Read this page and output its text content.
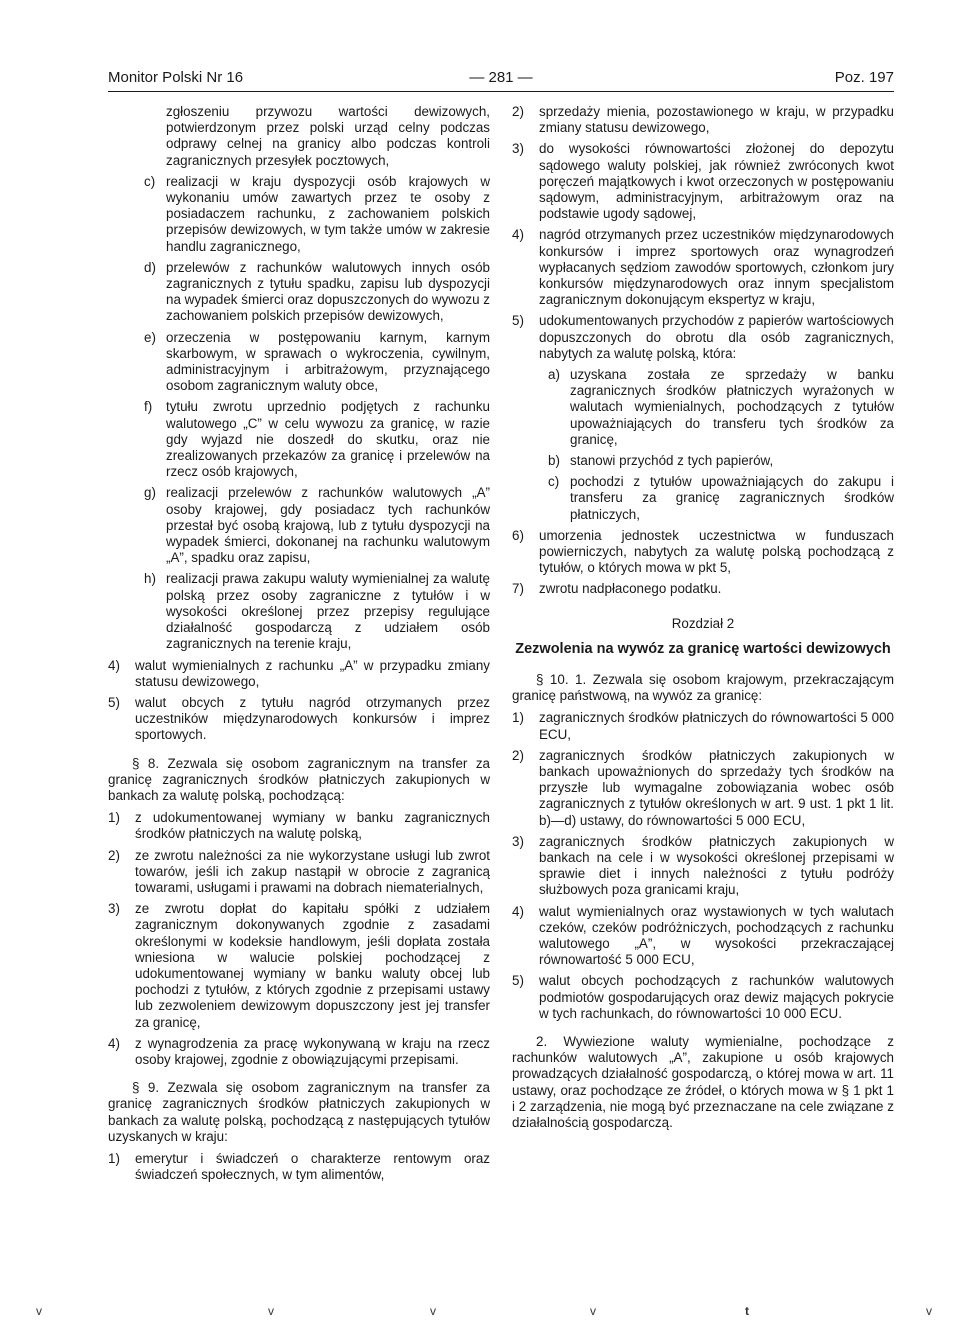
Monitor Polski Nr 16	— 281 —	Poz. 197

zgłoszeniu przywozu wartości dewizowych, potwierdzonym przez polski urząd celny podczas odprawy celnej na granicy albo podczas kontroli zagranicznych przesyłek pocztowych,

c) realizacji w kraju dyspozycji osób krajowych w wykonaniu umów zawartych przez te osoby z posiadaczem rachunku, z zachowaniem polskich przepisów dewizowych, w tym także umów w zakresie handlu zagranicznego,
d) przelewów z rachunków walutowych innych osób zagranicznych z tytułu spadku, zapisu lub dyspozycji na wypadek śmierci oraz dopuszczonych do wywozu z zachowaniem polskich przepisów dewizowych,
e) orzeczenia w postępowaniu karnym, karnym skarbowym, w sprawach o wykroczenia, cywilnym, administracyjnym i arbitrażowym, przyznającego osobom zagranicznym waluty obce,
f) tytułu zwrotu uprzednio podjętych z rachunku walutowego „C” w celu wywozu za granicę, w razie gdy wyjazd nie doszedł do skutku, oraz nie zrealizowanych przekazów za granicę i przelewów na rzecz osób krajowych,
g) realizacji przelewów z rachunków walutowych „A” osoby krajowej, gdy posiadacz tych rachunków przestał być osobą krajową, lub z tytułu dyspozycji na wypadek śmierci, dokonanej na rachunku walutowym „A”, spadku oraz zapisu,
h) realizacji prawa zakupu waluty wymienialnej za walutę polską przez osoby zagraniczne z tytułów i w wysokości określonej przez przepisy regulujące działalność gospodarczą z udziałem osób zagranicznych na terenie kraju,
4) walut wymienialnych z rachunku „A” w przypadku zmiany statusu dewizowego,
5) walut obcych z tytułu nagród otrzymanych przez uczestników międzynarodowych konkursów i imprez sportowych.

§ 8. Zezwala się osobom zagranicznym na transfer za granicę zagranicznych środków płatniczych zakupionych w bankach za walutę polską, pochodzącą:

1) z udokumentowanej wymiany w banku zagranicznych środków płatniczych na walutę polską,
2) ze zwrotu należności za nie wykorzystane usługi lub zwrot towarów, jeśli ich zakup nastąpił w obrocie z zagranicą towarami, usługami i prawami na dobrach niematerialnych,
3) ze zwrotu dopłat do kapitału spółki z udziałem zagranicznym dokonywanych zgodnie z zasadami określonymi w kodeksie handlowym, jeśli dopłata została wniesiona w walucie polskiej pochodzącej z udokumentowanej wymiany w banku waluty obcej lub pochodzi z tytułów, z których zgodnie z przepisami ustawy lub zezwoleniem dewizowym dopuszczony jest jej transfer za granicę,
4) z wynagrodzenia za pracę wykonywaną w kraju na rzecz osoby krajowej, zgodnie z obowiązującymi przepisami.

§ 9. Zezwala się osobom zagranicznym na transfer za granicę zagranicznych środków płatniczych zakupionych w bankach za walutę polską, pochodzącą z następujących tytułów uzyskanych w kraju:

1) emerytur i świadczeń o charakterze rentowym oraz świadczeń społecznych, w tym alimentów,
2) sprzedaży mienia, pozostawionego w kraju, w przypadku zmiany statusu dewizowego,
3) do wysokości równowartości złożonej do depozytu sądowego waluty polskiej, jak również zwróconych kwot poręczeń majątkowych i kwot orzeczonych w postępowaniu sądowym, administracyjnym, arbitrażowym oraz na podstawie ugody sądowej,
4) nagród otrzymanych przez uczestników międzynarodowych konkursów i imprez sportowych oraz wynagrodzeń wypłacanych sędziom zawodów sportowych, członkom jury konkursów międzynarodowych oraz innym specjalistom zagranicznym dokonującym ekspertyz w kraju,
5) udokumentowanych przychodów z papierów wartościowych dopuszczonych do obrotu dla osób zagranicznych, nabytych za walutę polską, która:
a) uzyskana została ze sprzedaży w banku zagranicznych środków płatniczych wyrażonych w walutach wymienialnych, pochodzących z tytułów upoważniających do transferu tych środków za granicę,
b) stanowi przychód z tych papierów,
c) pochodzi z tytułów upoważniających do zakupu i transferu za granicę zagranicznych środków płatniczych,
6) umorzenia jednostek uczestnictwa w funduszach powierniczych, nabytych za walutę polską pochodzącą z tytułów, o których mowa w pkt 5,
7) zwrotu nadpłaconego podatku.

Rozdział 2

Zezwolenia na wywóz za granicę wartości dewizowych

§ 10. 1. Zezwala się osobom krajowym, przekraczającym granicę państwową, na wywóz za granicę:

1) zagranicznych środków płatniczych do równowartości 5 000 ECU,
2) zagranicznych środków płatniczych zakupionych w bankach upoważnionych do sprzedaży tych środków na przyszłe lub wymagalne zobowiązania wobec osób zagranicznych z tytułów określonych w art. 9 ust. 1 pkt 1 lit. b)—d) ustawy, do równowartości 5 000 ECU,
3) zagranicznych środków płatniczych zakupionych w bankach na cele i w wysokości określonej przepisami w sprawie diet i innych należności z tytułu podróży służbowych poza granicami kraju,
4) walut wymienialnych oraz wystawionych w tych walutach czeków, czeków podróżniczych, pochodzących z rachunku walutowego „A”, w wysokości przekraczającej równowartość 5 000 ECU,
5) walut obcych pochodzących z rachunków walutowych podmiotów gospodarujących oraz dewiz mających pokrycie w tych rachunkach, do równowartości 10 000 ECU.

2. Wywiezione waluty wymienialne, pochodzące z rachunków walutowych „A”, zakupione u osób krajowych prowadzących działalność gospodarczą, o której mowa w art. 11 ustawy, oraz pochodzące ze źródeł, o których mowa w § 1 pkt 1 i 2 zarządzenia, nie mogą być przeznaczane na cele związane z działalnością gospodarczą.

v	v	v	v	t	v
